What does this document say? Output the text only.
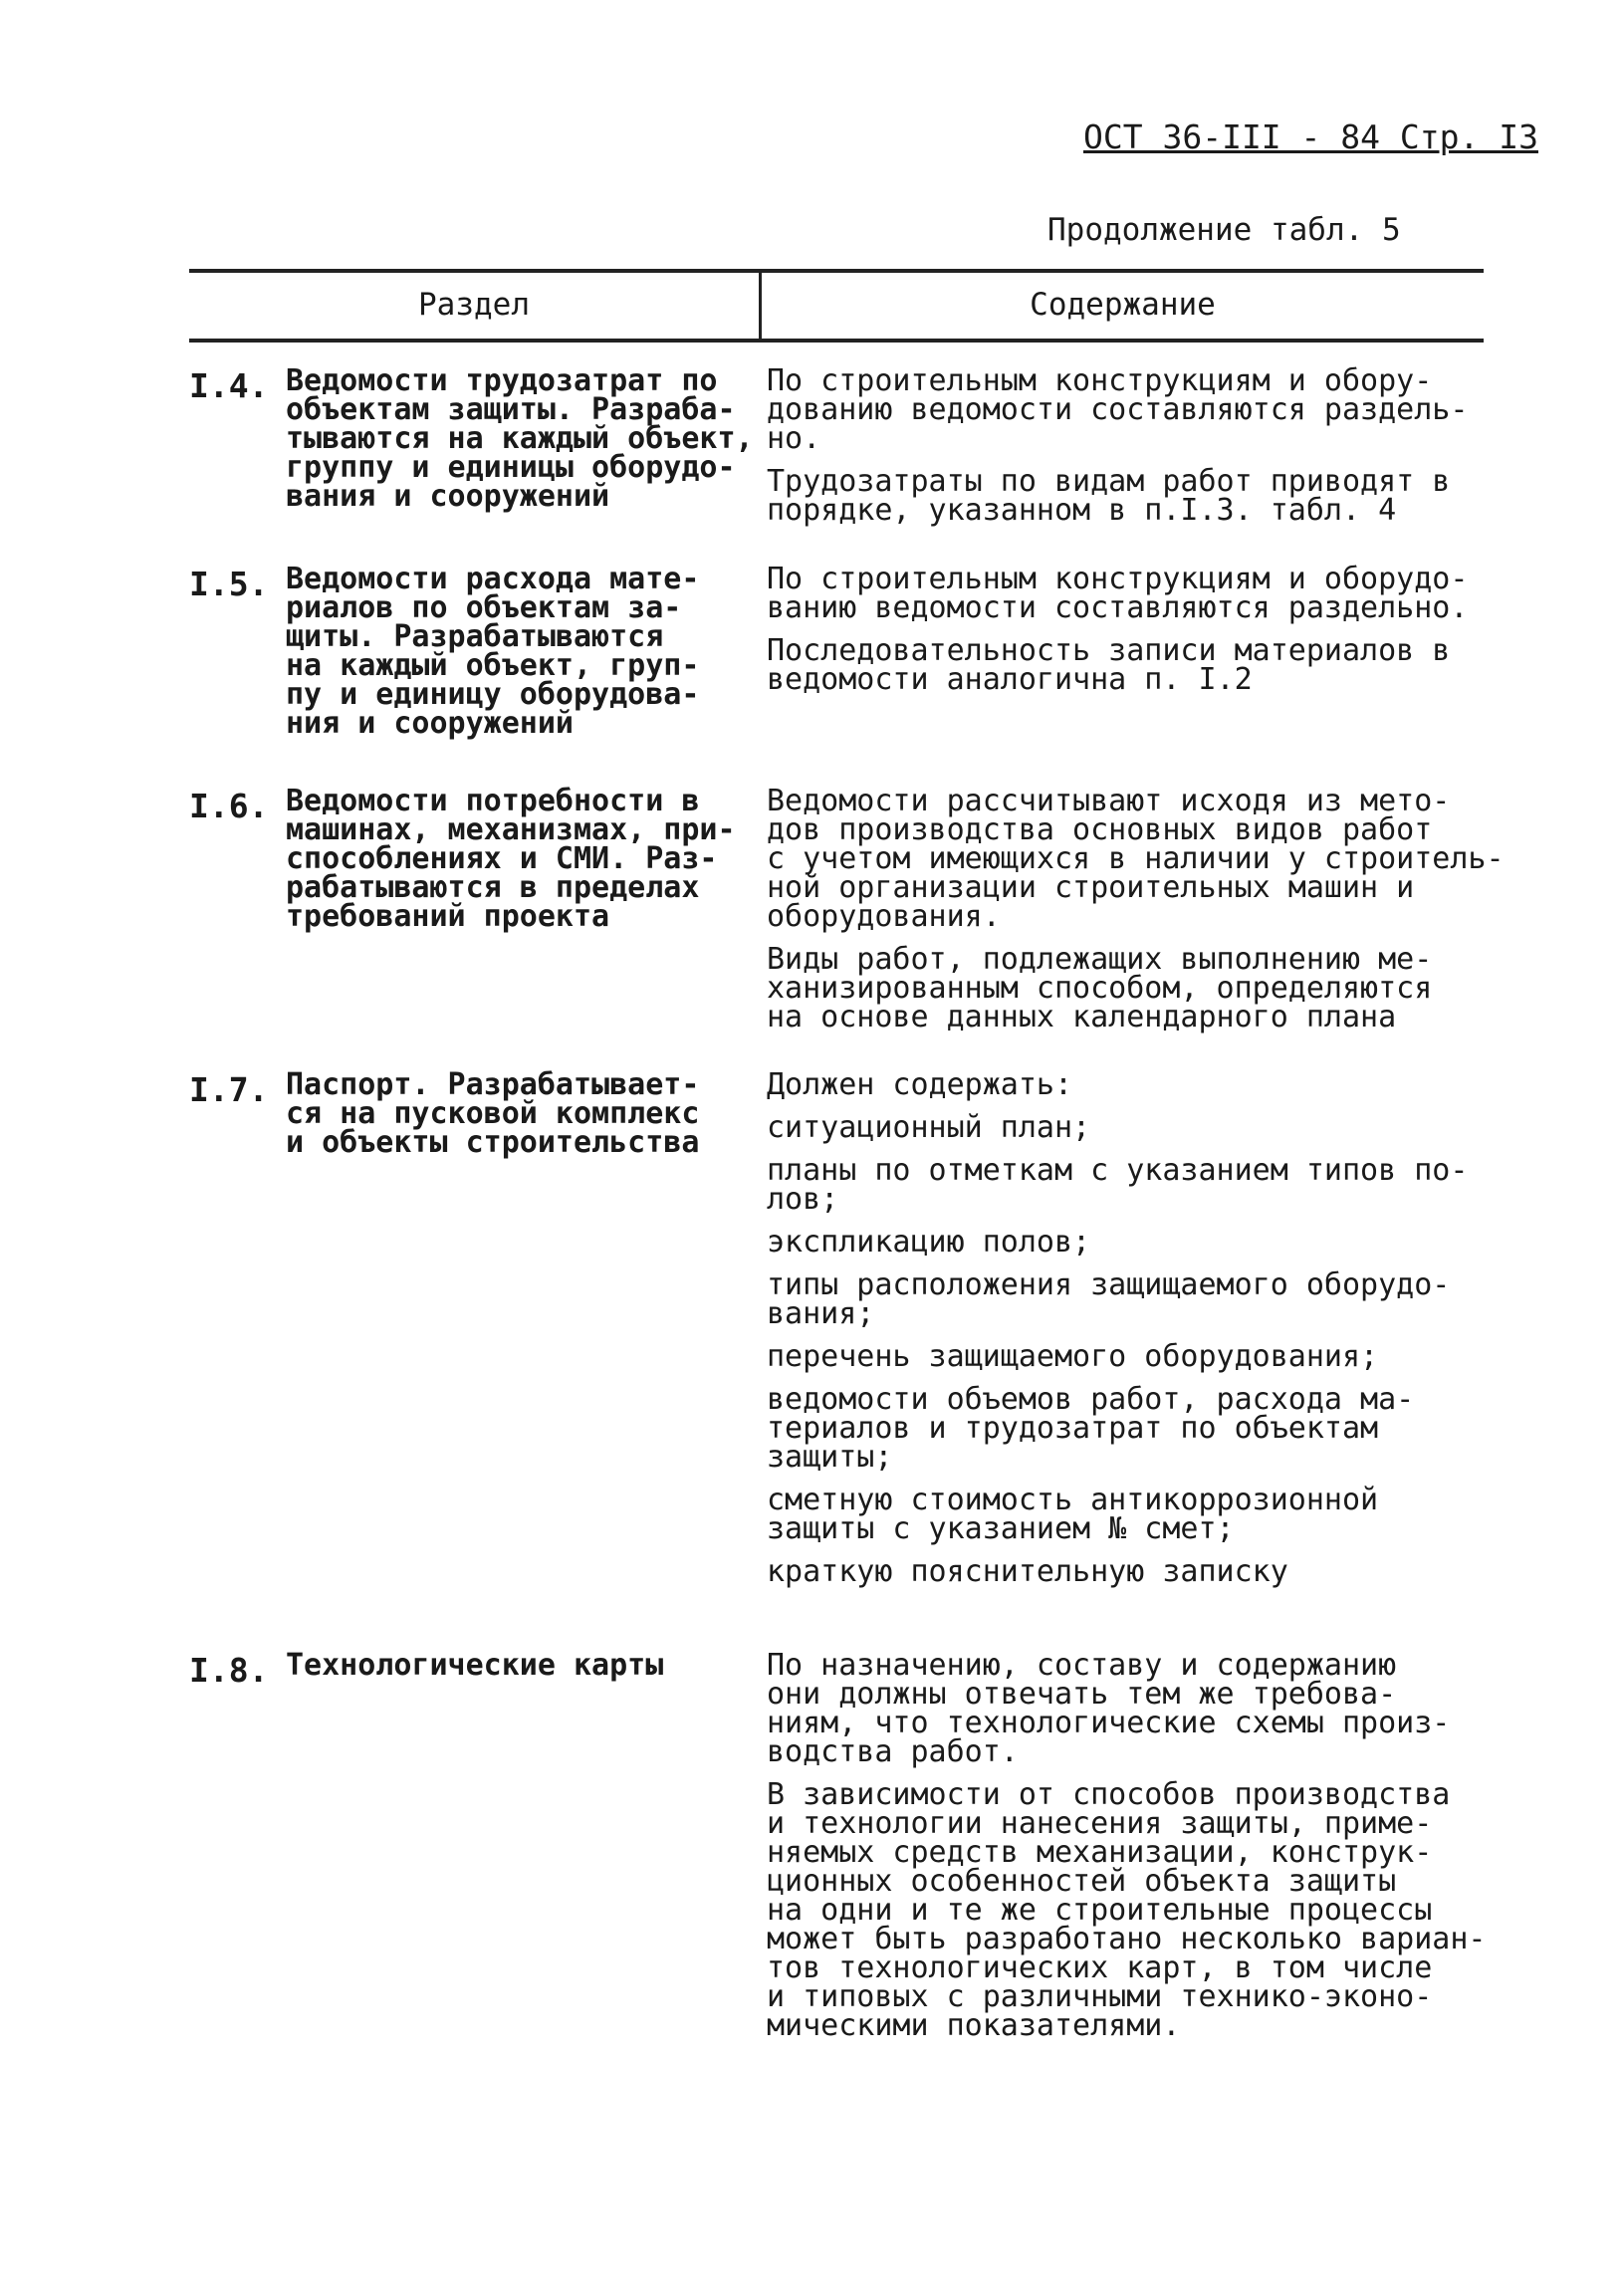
ОСТ 36-III - 84 Стр. I3
Продолжение табл. 5
Раздел	Содержание
I.4. Ведомости трудозатрат по
объектам защиты. Разраба-
тываются на каждый объект,
группу и единицы оборудо-
вания и сооружений
По строительным конструкциям и обору-
дованию ведомости составляются раздель-
но.
Трудозатраты по видам работ приводят в
порядке, указанном в п.I.3. табл. 4
I.5. Ведомости расхода мате-
риалов по объектам за-
щиты. Разрабатываются
на каждый объект, груп-
пу и единицу оборудова-
ния и сооружений
По строительным конструкциям и оборудо-
ванию ведомости составляются раздельно.
Последовательность записи материалов в
ведомости аналогична п. I.2
I.6. Ведомости потребности в
машинах, механизмах, при-
способлениях и СМИ. Раз-
рабатываются в пределах
требований проекта
Ведомости рассчитывают исходя из мето-
дов производства основных видов работ
с учетом имеющихся в наличии у строитель-
ной организации строительных машин и
оборудования.
Виды работ, подлежащих выполнению ме-
ханизированным способом, определяются
на основе данных календарного плана
I.7. Паспорт. Разрабатывает-
ся на пусковой комплекс
и объекты строительства
Должен содержать:
ситуационный план;
планы по отметкам с указанием типов по-
лов;
экспликацию полов;
типы расположения защищаемого оборудо-
вания;
перечень защищаемого оборудования;
ведомости объемов работ, расхода ма-
териалов и трудозатрат по объектам
защиты;
сметную стоимость антикоррозионной
защиты с указанием № смет;
краткую пояснительную записку
I.8. Технологические карты	По назначению, составу и содержанию
они должны отвечать тем же требова-
ниям, что технологические схемы произ-
водства работ.
В зависимости от способов производства
и технологии нанесения защиты, приме-
няемых средств механизации, конструк-
ционных особенностей объекта защиты
на одни и те же строительные процессы
может быть разработано несколько вариан-
тов технологических карт, в том числе
и типовых с различными технико-эконо-
мическими показателями.
